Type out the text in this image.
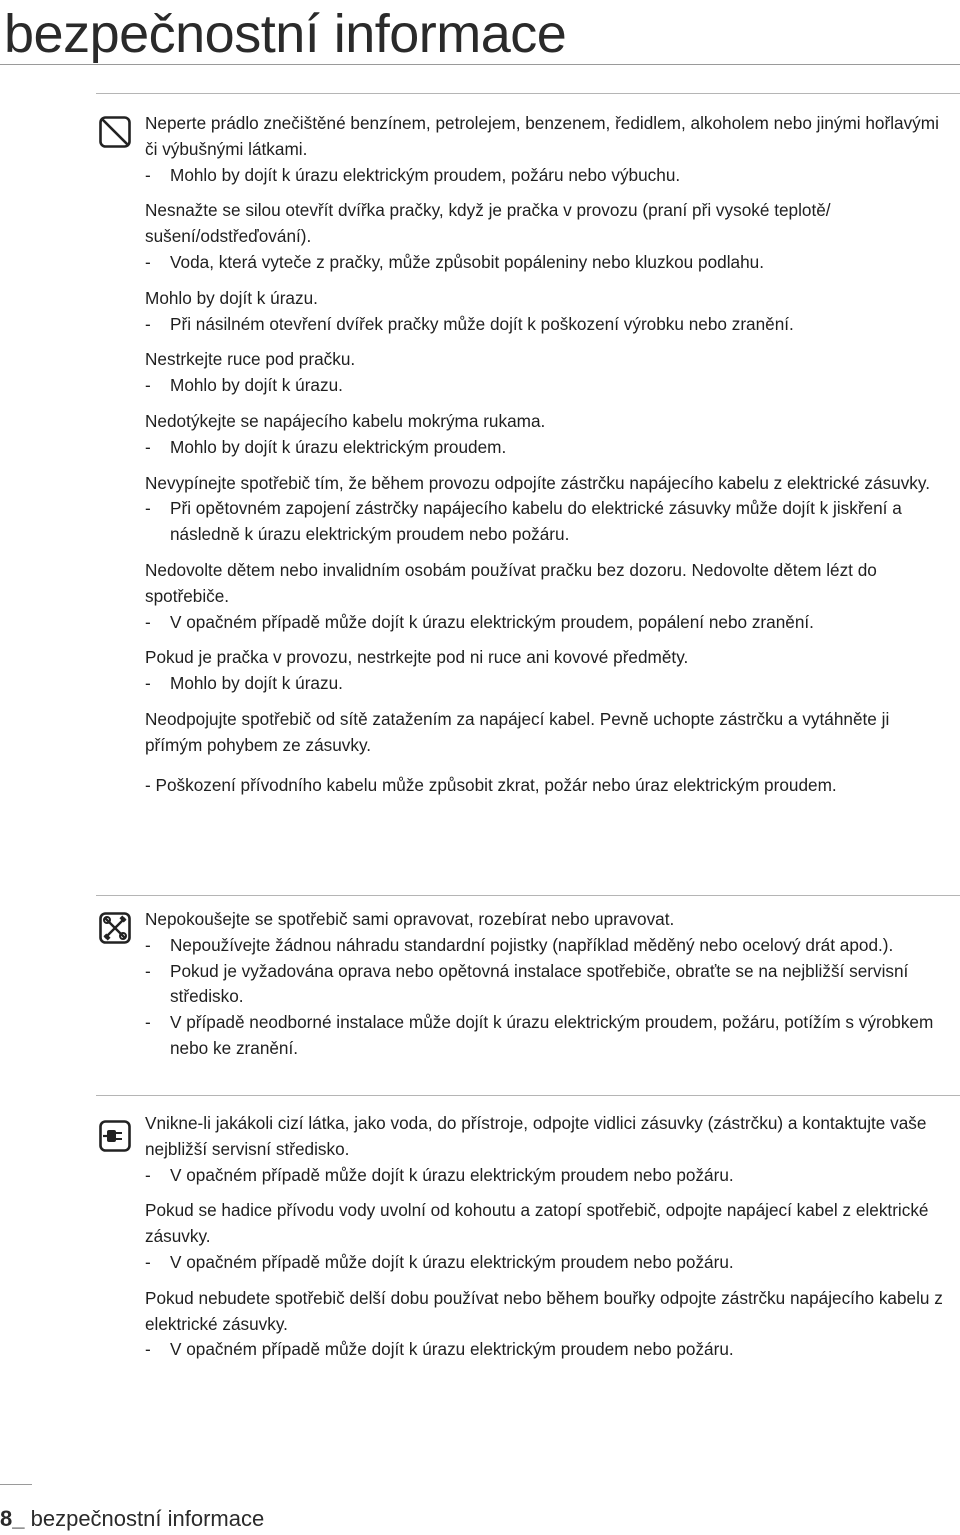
bezpečnostní informace

Neperte prádlo znečištěné benzínem, petrolejem, benzenem, ředidlem, alkoholem nebo jinými hořlavými či výbušnými látkami.

- Mohlo by dojít k úrazu elektrickým proudem, požáru nebo výbuchu.

Nesnažte se silou otevřít dvířka pračky, když je pračka v provozu (praní při vysoké teplotě/ sušení/odstřeďování).

- Voda, která vyteče z pračky, může způsobit popáleniny nebo kluzkou podlahu.

Mohlo by dojít k úrazu.

- Při násilném otevření dvířek pračky může dojít k poškození výrobku nebo zranění.

Nestrkejte ruce pod pračku.

- Mohlo by dojít k úrazu.

Nedotýkejte se napájecího kabelu mokrýma rukama.

- Mohlo by dojít k úrazu elektrickým proudem.

Nevypínejte spotřebič tím, že během provozu odpojíte zástrčku napájecího kabelu z elektrické zásuvky.

- Při opětovném zapojení zástrčky napájecího kabelu do elektrické zásuvky může dojít k jiskření a následně k úrazu elektrickým proudem nebo požáru.

Nedovolte dětem nebo invalidním osobám používat pračku bez dozoru. Nedovolte dětem lézt do spotřebiče.

- V opačném případě může dojít k úrazu elektrickým proudem, popálení nebo zranění.

Pokud je pračka v provozu, nestrkejte pod ni ruce ani kovové předměty.

- Mohlo by dojít k úrazu.

Neodpojujte spotřebič od sítě zatažením za napájecí kabel. Pevně uchopte zástrčku a vytáhněte ji přímým pohybem ze zásuvky.

- Poškození přívodního kabelu může způsobit zkrat, požár nebo úraz elektrickým proudem.

Nepokoušejte se spotřebič sami opravovat, rozebírat nebo upravovat.

- Nepoužívejte žádnou náhradu standardní pojistky (například měděný nebo ocelový drát apod.).
- Pokud je vyžadována oprava nebo opětovná instalace spotřebiče, obraťte se na nejbližší servisní středisko.
- V případě neodborné instalace může dojít k úrazu elektrickým proudem, požáru, potížím s výrobkem nebo ke zranění.

Vnikne-li jakákoli cizí látka, jako voda, do přístroje, odpojte vidlici zásuvky (zástrčku) a kontaktujte vaše nejbližší servisní středisko.

- V opačném případě může dojít k úrazu elektrickým proudem nebo požáru.

Pokud se hadice přívodu vody uvolní od kohoutu a zatopí spotřebič, odpojte napájecí kabel z elektrické zásuvky.

- V opačném případě může dojít k úrazu elektrickým proudem nebo požáru.

Pokud nebudete spotřebič delší dobu používat nebo během bouřky odpojte zástrčku napájecího kabelu z elektrické zásuvky.

- V opačném případě může dojít k úrazu elektrickým proudem nebo požáru.
8_ bezpečnostní informace
